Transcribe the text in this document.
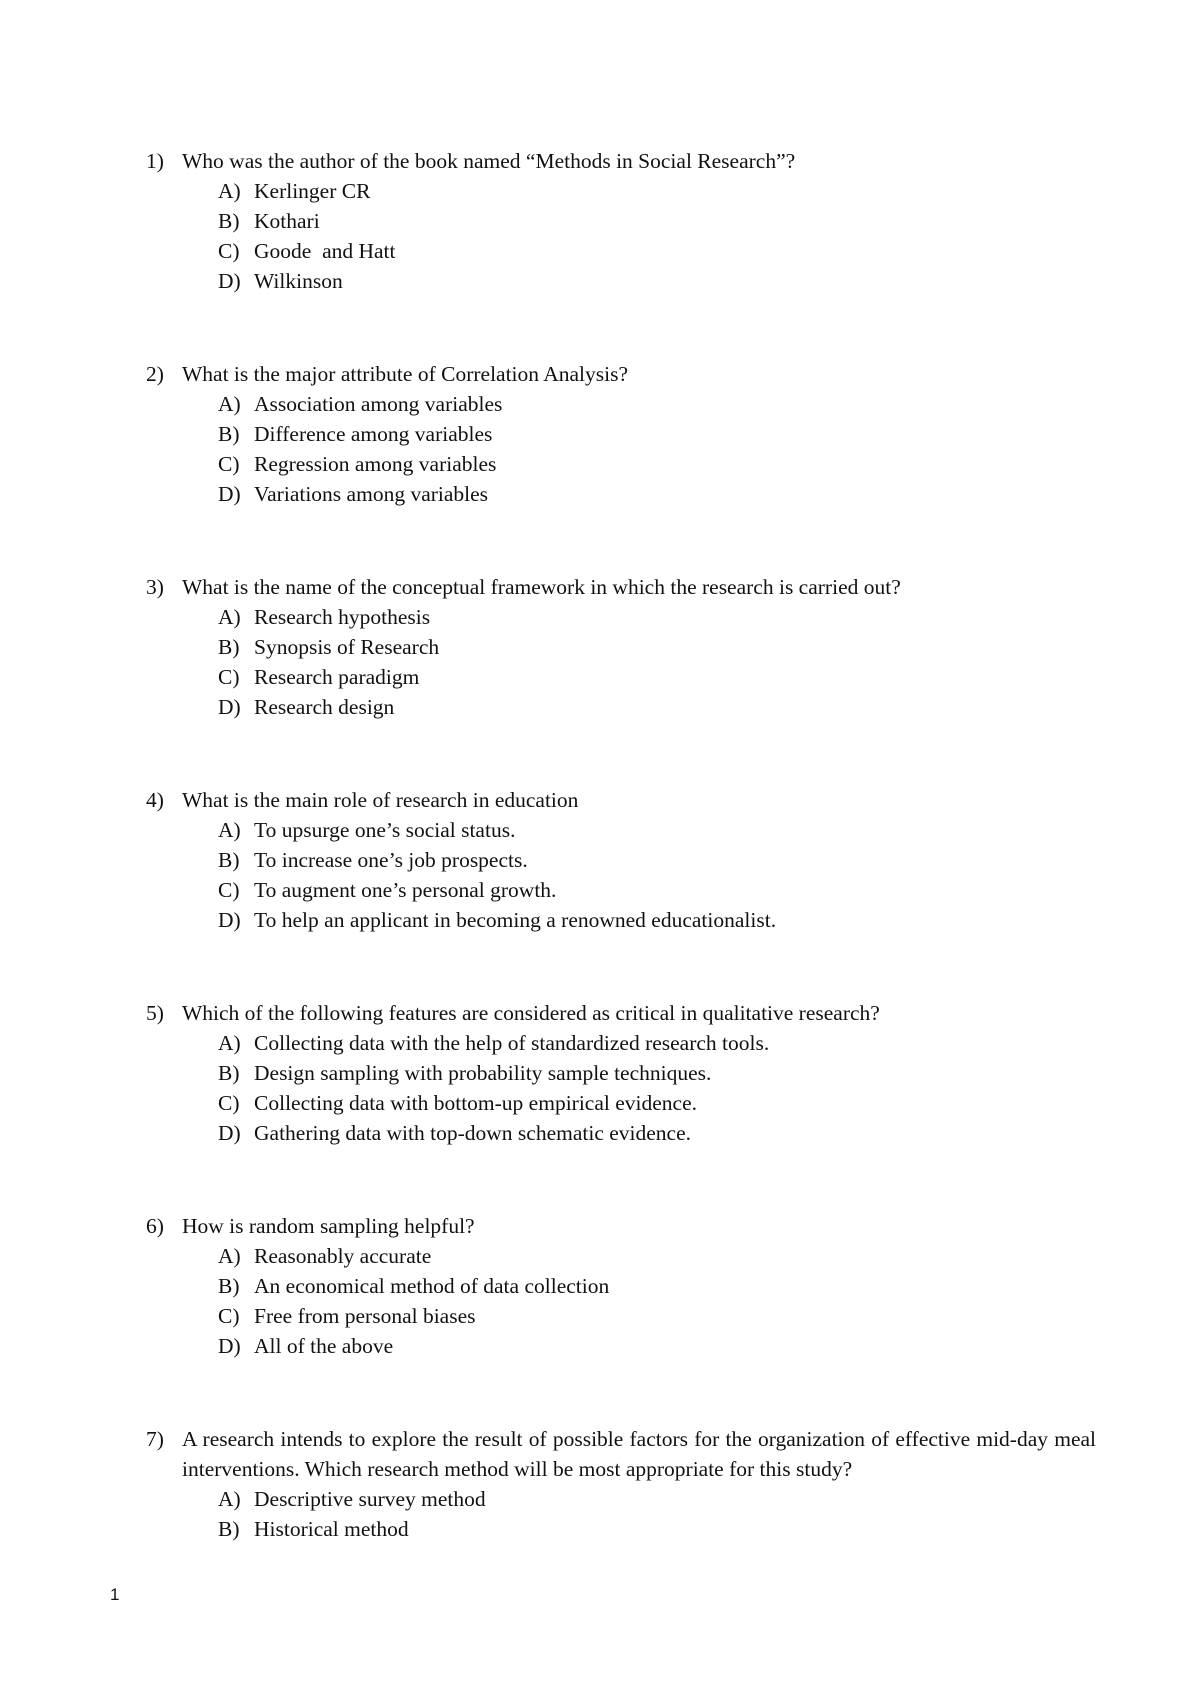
1) Who was the author of the book named “Methods in Social Research”?
A) Kerlinger CR
B) Kothari
C) Goode  and Hatt
D) Wilkinson
2) What is the major attribute of Correlation Analysis?
A) Association among variables
B) Difference among variables
C) Regression among variables
D) Variations among variables
3) What is the name of the conceptual framework in which the research is carried out?
A) Research hypothesis
B) Synopsis of Research
C) Research paradigm
D) Research design
4) What is the main role of research in education
A) To upsurge one’s social status.
B) To increase one’s job prospects.
C) To augment one’s personal growth.
D) To help an applicant in becoming a renowned educationalist.
5) Which of the following features are considered as critical in qualitative research?
A) Collecting data with the help of standardized research tools.
B) Design sampling with probability sample techniques.
C) Collecting data with bottom-up empirical evidence.
D) Gathering data with top-down schematic evidence.
6) How is random sampling helpful?
A) Reasonably accurate
B) An economical method of data collection
C) Free from personal biases
D) All of the above
7) A research intends to explore the result of possible factors for the organization of effective mid-day meal interventions. Which research method will be most appropriate for this study?
A) Descriptive survey method
B) Historical method
1
